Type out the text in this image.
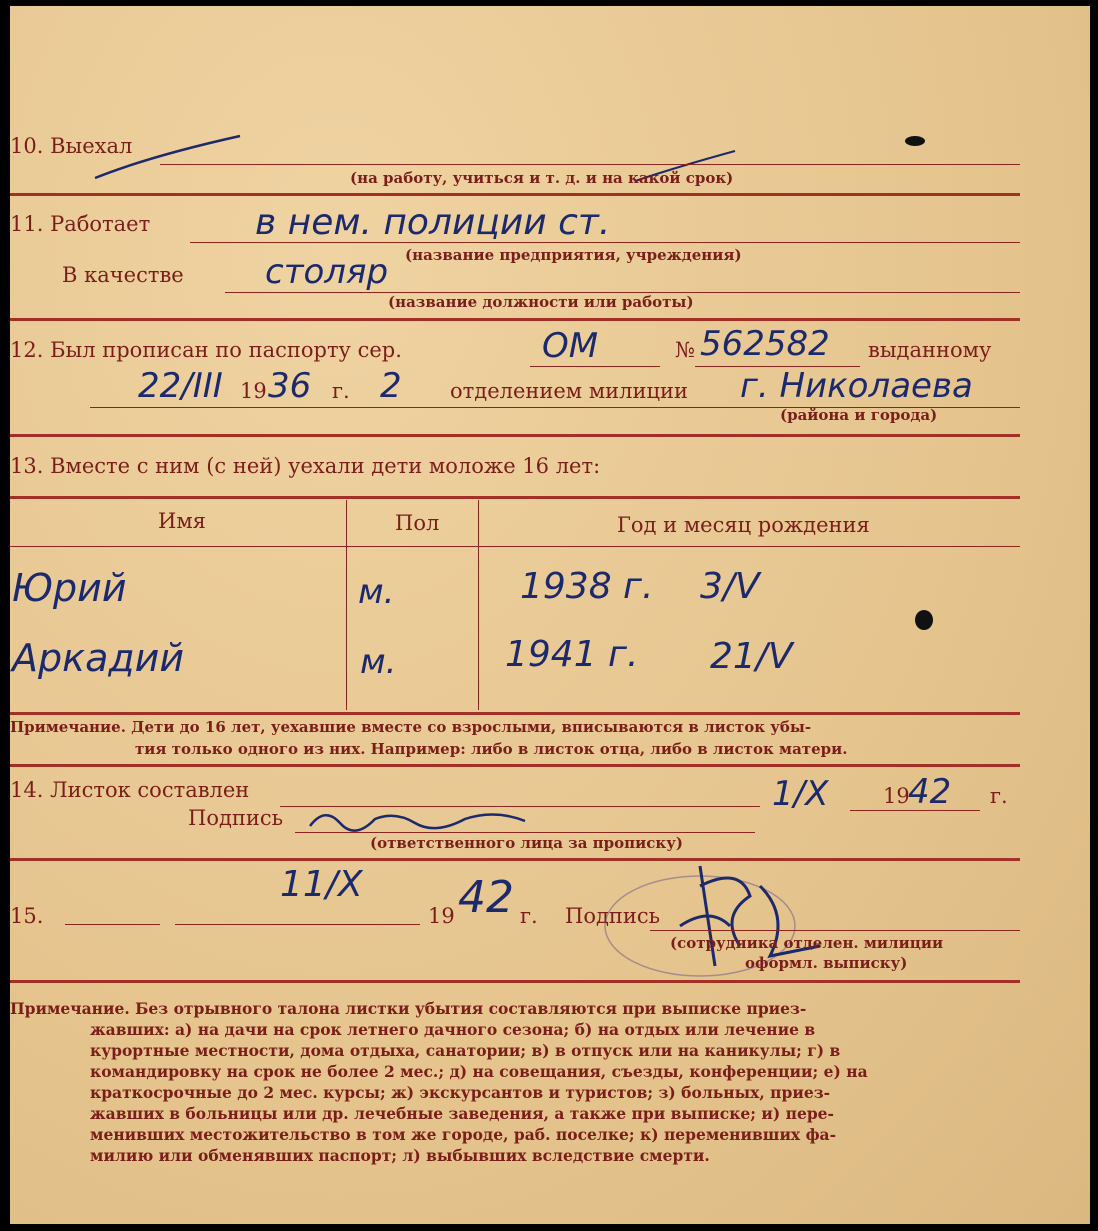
10. Выехал
(на работу, учиться и т. д. и на какой срок)
11. Работает	в нем. полиции ст.
(название предприятия, учреждения)
В качестве столяр
(название должности или работы)
12. Был прописан по паспорту сер.	ОМ	№ 562582 выданному
22/III 19 36 г. 2 отделением милиции г. Николаева
(района и города)
13. Вместе с ним (с ней) уехали дети моложе 16 лет:
Имя	Пол	Год и месяц рождения
Юрий	м.	1938 г. 3/V
Аркадий	м.	1941 г. 21/V
Примечание. Дети до 16 лет, уехавшие вместе со взрослыми, вписываются в листок убы-
тия только одного из них. Например: либо в листок отца, либо в листок матери.
14. Листок составлен	1/X	19
42 г.
Подпись
(ответственного лица за прописку)
15.
11/X
19 42 г. Подпись
(сотрудника отделен. милиции
оформл. выписку)
Примечание. Без отрывного талона листки убытия составляются при выписке приез-
жавших: а) на дачи на срок летнего дачного сезона; б) на отдых или лечение в
курортные местности, дома отдыха, санатории; в) в отпуск или на каникулы; г) в
командировку на срок не более 2 мес.; д) на совещания, съезды, конференции; е) на
краткосрочные до 2 мес. курсы; ж) экскурсантов и туристов; з) больных, приез-
жавших в больницы или др. лечебные заведения, а также при выписке; и) пере-
менивших местожительство в том же городе, раб. поселке; к) переменивших фа-
милию или обменявших паспорт; л) выбывших вследствие смерти.
